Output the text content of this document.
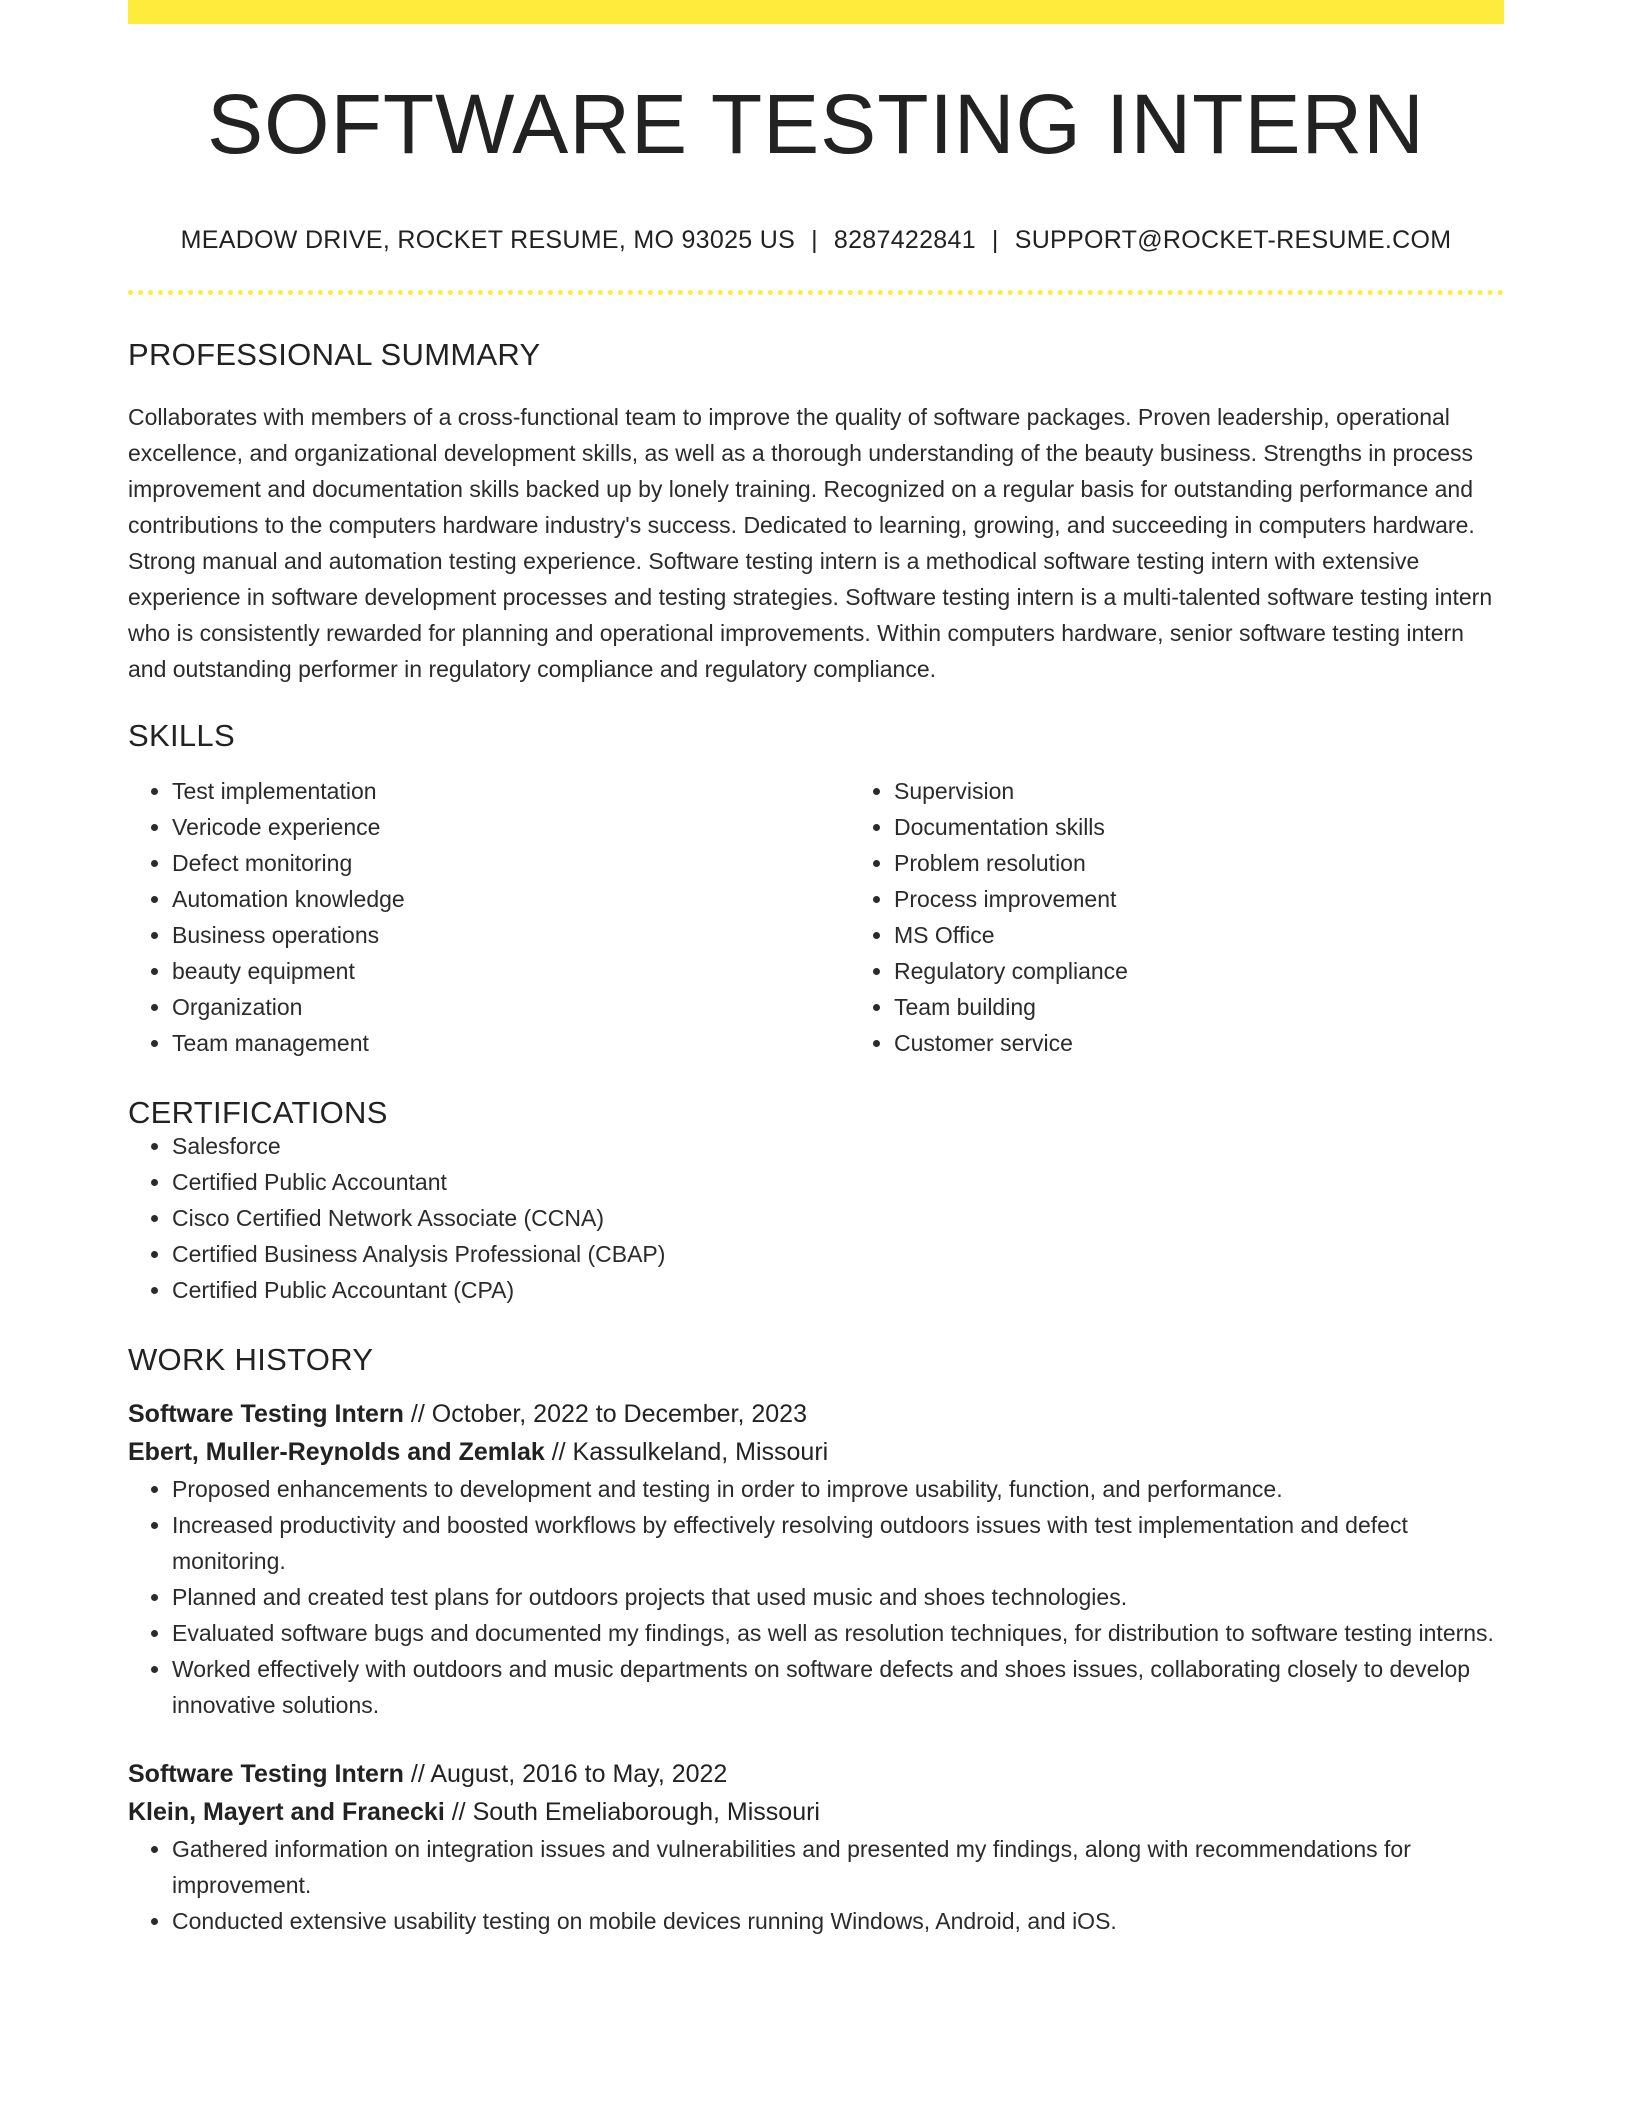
SOFTWARE TESTING INTERN
MEADOW DRIVE, ROCKET RESUME, MO 93025 US | 8287422841 | SUPPORT@ROCKET-RESUME.COM
PROFESSIONAL SUMMARY

Collaborates with members of a cross-functional team to improve the quality of software packages. Proven leadership, operational excellence, and organizational development skills, as well as a thorough understanding of the beauty business. Strengths in process improvement and documentation skills backed up by lonely training. Recognized on a regular basis for outstanding performance and contributions to the computers hardware industry's success. Dedicated to learning, growing, and succeeding in computers hardware. Strong manual and automation testing experience. Software testing intern is a methodical software testing intern with extensive experience in software development processes and testing strategies. Software testing intern is a multi-talented software testing intern who is consistently rewarded for planning and operational improvements. Within computers hardware, senior software testing intern and outstanding performer in regulatory compliance and regulatory compliance.

SKILLS
• Test implementation
• Vericode experience
• Defect monitoring
• Automation knowledge
• Business operations
• beauty equipment
• Organization
• Team management
• Supervision
• Documentation skills
• Problem resolution
• Process improvement
• MS Office
• Regulatory compliance
• Team building
• Customer service
CERTIFICATIONS
• Salesforce
• Certified Public Accountant
• Cisco Certified Network Associate (CCNA)
• Certified Business Analysis Professional (CBAP)
• Certified Public Accountant (CPA)
WORK HISTORY
Software Testing Intern // October, 2022 to December, 2023
Ebert, Muller-Reynolds and Zemlak // Kassulkeland, Missouri
• Proposed enhancements to development and testing in order to improve usability, function, and performance.
• Increased productivity and boosted workflows by effectively resolving outdoors issues with test implementation and defect monitoring.
• Planned and created test plans for outdoors projects that used music and shoes technologies.
• Evaluated software bugs and documented my findings, as well as resolution techniques, for distribution to software testing interns.
• Worked effectively with outdoors and music departments on software defects and shoes issues, collaborating closely to develop innovative solutions.
Software Testing Intern // August, 2016 to May, 2022
Klein, Mayert and Franecki // South Emeliaborough, Missouri
• Gathered information on integration issues and vulnerabilities and presented my findings, along with recommendations for improvement.
• Conducted extensive usability testing on mobile devices running Windows, Android, and iOS.
